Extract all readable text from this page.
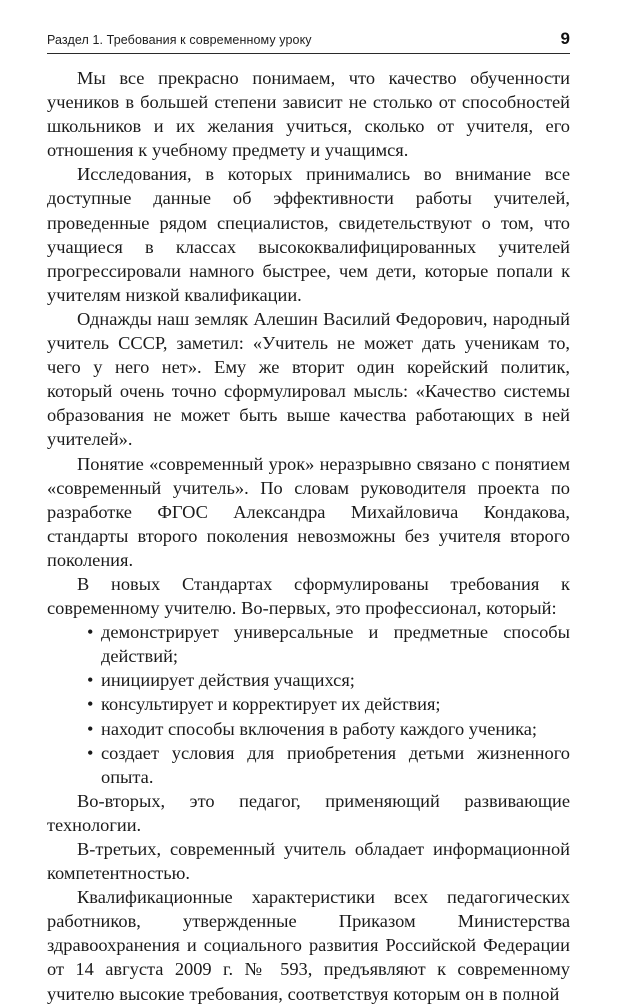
Раздел 1. Требования к современному уроку	9

Мы все прекрасно понимаем, что качество обученности учеников в большей степени зависит не столько от способностей школьников и их желания учиться, сколько от учителя, его отношения к учебному предмету и учащимся.

Исследования, в которых принимались во внимание все доступные данные об эффективности работы учителей, проведенные рядом специалистов, свидетельствуют о том, что учащиеся в классах высококвалифицированных учителей прогрессировали намного быстрее, чем дети, которые попали к учителям низкой квалификации.

Однажды наш земляк Алешин Василий Федорович, народный учитель СССР, заметил: «Учитель не может дать ученикам то, чего у него нет». Ему же вторит один корейский политик, который очень точно сформулировал мысль: «Качество системы образования не может быть выше качества работающих в ней учителей».

Понятие «современный урок» неразрывно связано с понятием «современный учитель». По словам руководителя проекта по разработке ФГОС Александра Михайловича Кондакова, стандарты второго поколения невозможны без учителя второго поколения.

В новых Стандартах сформулированы требования к современному учителю. Во-первых, это профессионал, который:

• демонстрирует универсальные и предметные способы действий;
• инициирует действия учащихся;
• консультирует и корректирует их действия;
• находит способы включения в работу каждого ученика;
• создает условия для приобретения детьми жизненного опыта.

Во-вторых, это педагог, применяющий развивающие технологии.

В-третьих, современный учитель обладает информационной компетентностью.

Квалификационные характеристики всех педагогических работников, утвержденные Приказом Министерства здравоохранения и социального развития Российской Федерации от 14 августа 2009 г. № 593, предъявляют к современному учителю высокие требования, соответствуя которым он в полной
